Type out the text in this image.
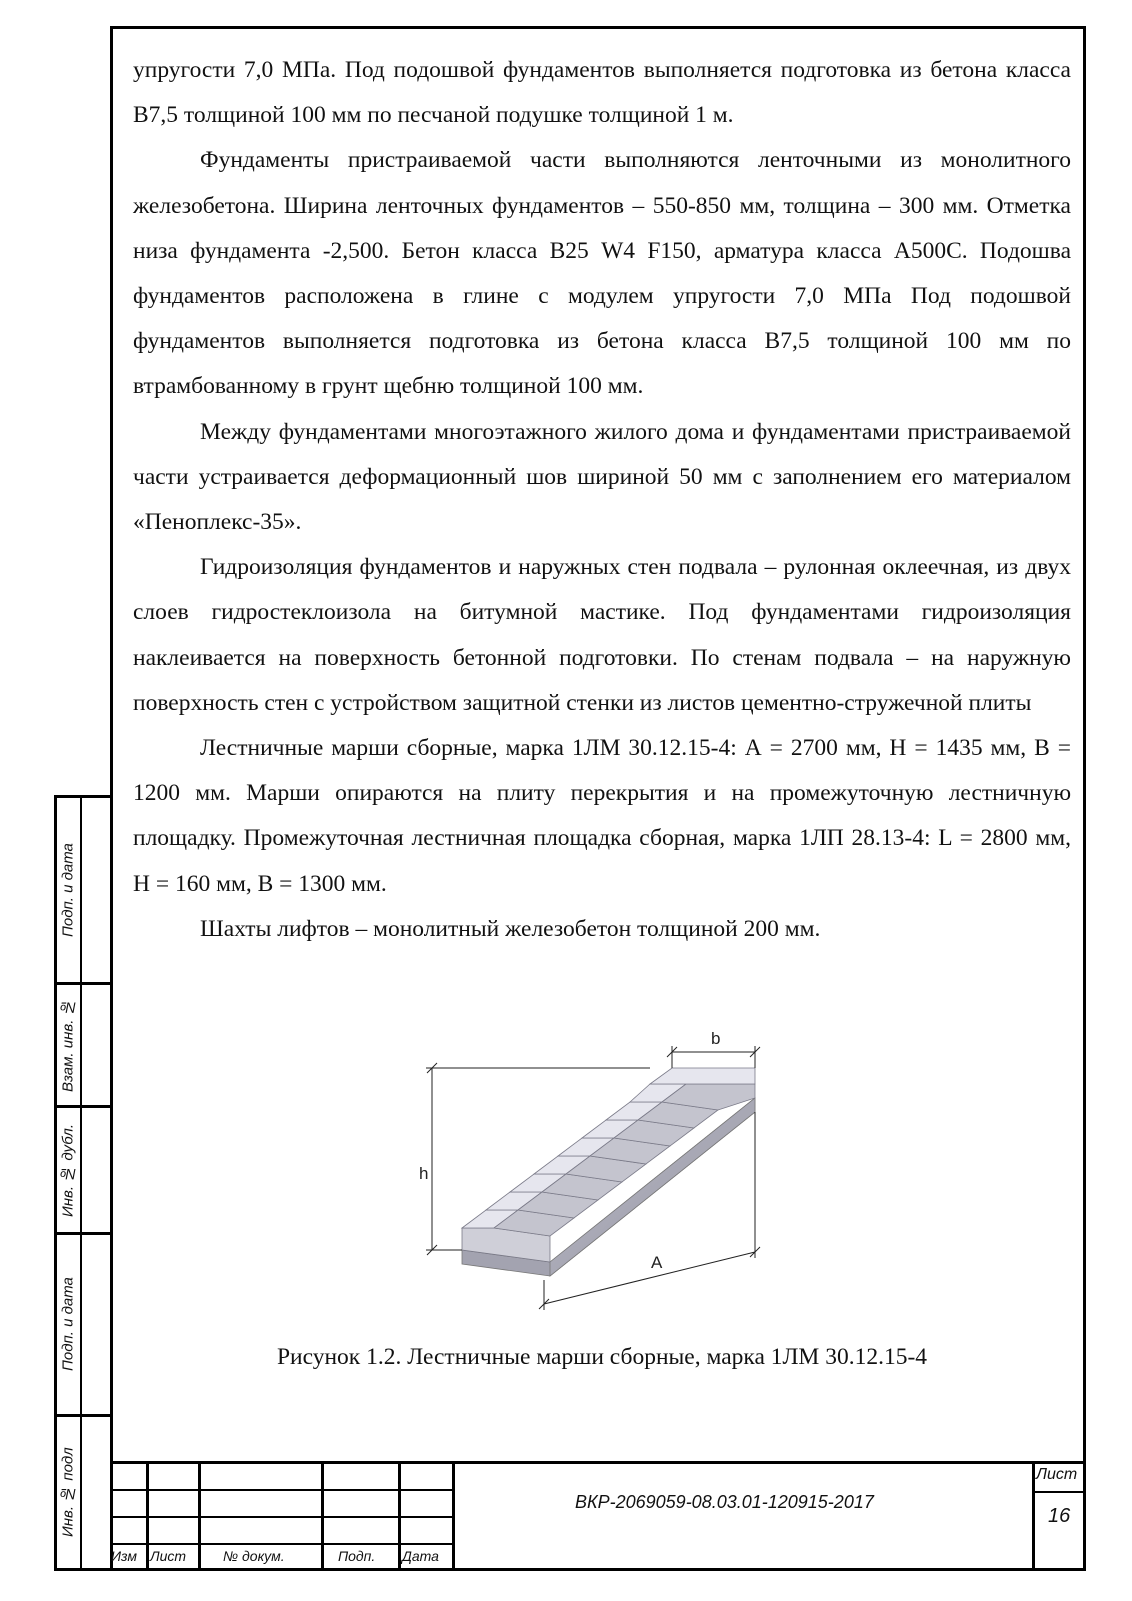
упругости 7,0 МПа. Под подошвой фундаментов выполняется подготовка из бетона класса В7,5 толщиной 100 мм по песчаной подушке толщиной 1 м.

Фундаменты пристраиваемой части выполняются ленточными из монолитного железобетона. Ширина ленточных фундаментов – 550-850 мм, толщина – 300 мм. Отметка низа фундамента -2,500. Бетон класса В25 W4 F150, арматура класса А500С. Подошва фундаментов расположена в глине с модулем упругости 7,0 МПа Под подошвой фундаментов выполняется подготовка из бетона класса В7,5 толщиной 100 мм по втрамбованному в грунт щебню толщиной 100 мм.

Между фундаментами многоэтажного жилого дома и фундаментами пристраиваемой части устраивается деформационный шов шириной 50 мм с заполнением его материалом «Пеноплекс-35».

Гидроизоляция фундаментов и наружных стен подвала – рулонная оклеечная, из двух слоев гидростеклоизола на битумной мастике. Под фундаментами гидроизоляция наклеивается на поверхность бетонной подготовки. По стенам подвала – на наружную поверхность стен с устройством защитной стенки из листов цементно-стружечной плиты

Лестничные марши сборные, марка 1ЛМ 30.12.15-4: А = 2700 мм, Н = 1435 мм, В = 1200 мм. Марши опираются на плиту перекрытия и на промежуточную лестничную площадку. Промежуточная лестничная площадка сборная, марка 1ЛП 28.13-4: L = 2800 мм, Н = 160 мм, В = 1300 мм.

Шахты лифтов – монолитный железобетон толщиной 200 мм.

b
h
A
Рисунок 1.2. Лестничные марши сборные, марка 1ЛМ 30.12.15-4
Подп. и дата
Взам. инв. №
Инв. № дубл.
Подп. и дата
Инв. № подл
Изм Лист	№ докум.	Подп. Дата
ВКР-2069059-08.03.01-120915-2017
Лист
16
